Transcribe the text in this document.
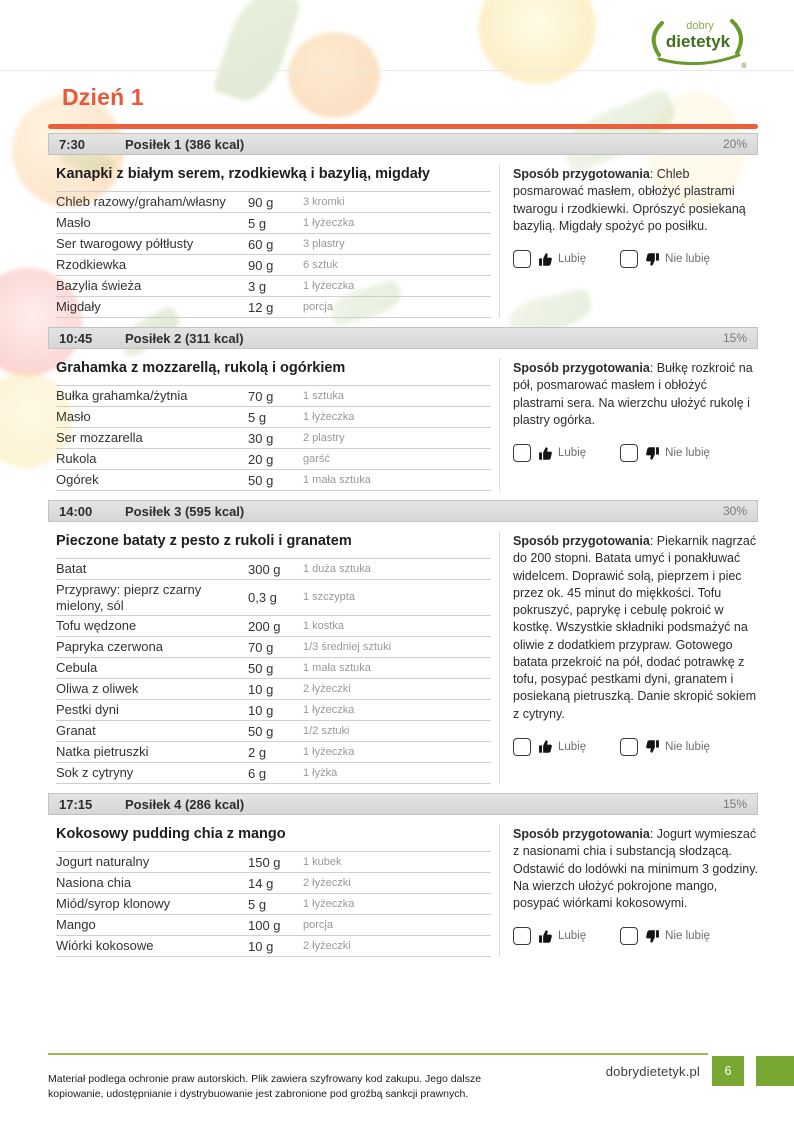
dobry
dietetyk
®
Dzień 1
7:30	Posiłek 1 (386 kcal)	20%
Kanapki z białym serem, rzodkiewką i bazylią, migdały
Chleb razowy/graham/własny	90 g	3 kromki
Masło	5 g	1 łyżeczka
Ser twarogowy półtłusty	60 g	3 plastry
Rzodkiewka	90 g	6 sztuk
Bazylia świeża	3 g	1 łyżeczka
Migdały	12 g	porcja

Sposób przygotowania: Chleb posmarować masłem, obłożyć plastrami twarogu i rzodkiewki. Oprószyć posiekaną bazylią. Migdały spożyć po posiłku.

Lubię	Nie lubię
10:45	Posiłek 2 (311 kcal)	15%
Grahamka z mozzarellą, rukolą i ogórkiem
Bułka grahamka/żytnia	70 g	1 sztuka
Masło	5 g	1 łyżeczka
Ser mozzarella	30 g	2 plastry
Rukola	20 g	garść
Ogórek	50 g	1 mała sztuka

Sposób przygotowania: Bułkę rozkroić na pół, posmarować masłem i obłożyć plastrami sera. Na wierzchu ułożyć rukolę i plastry ogórka.

Lubię	Nie lubię
14:00	Posiłek 3 (595 kcal)	30%
Pieczone bataty z pesto z rukoli i granatem
Batat	300 g	1 duża sztuka
Przyprawy: pieprz czarny mielony, sól	0,3 g	1 szczypta
Tofu wędzone	200 g	1 kostka
Papryka czerwona	70 g	1/3 średniej sztuki
Cebula	50 g	1 mała sztuka
Oliwa z oliwek	10 g	2 łyżeczki
Pestki dyni	10 g	1 łyżeczka
Granat	50 g	1/2 sztuki
Natka pietruszki	2 g	1 łyżeczka
Sok z cytryny	6 g	1 łyżka

Sposób przygotowania: Piekarnik nagrzać do 200 stopni. Batata umyć i ponakłuwać widelcem. Doprawić solą, pieprzem i piec przez ok. 45 minut do miękkości. Tofu pokruszyć, paprykę i cebulę pokroić w kostkę. Wszystkie składniki podsmażyć na oliwie z dodatkiem przypraw. Gotowego batata przekroić na pół, dodać potrawkę z tofu, posypać pestkami dyni, granatem i posiekaną pietruszką. Danie skropić sokiem z cytryny.

Lubię	Nie lubię
17:15	Posiłek 4 (286 kcal)	15%
Kokosowy pudding chia z mango
Jogurt naturalny	150 g	1 kubek
Nasiona chia	14 g	2 łyżeczki
Miód/syrop klonowy	5 g	1 łyżeczka
Mango	100 g	porcja
Wiórki kokosowe	10 g	2 łyżeczki

Sposób przygotowania: Jogurt wymieszać z nasionami chia i substancją słodzącą. Odstawić do lodówki na minimum 3 godziny. Na wierzch ułożyć pokrojone mango, posypać wiórkami kokosowymi.

Lubię	Nie lubię

Materiał podlega ochronie praw autorskich. Plik zawiera szyfrowany kod zakupu. Jego dalsze kopiowanie, udostępnianie i dystrybuowanie jest zabronione pod groźbą sankcji prawnych.

dobrydietetyk.pl	6
